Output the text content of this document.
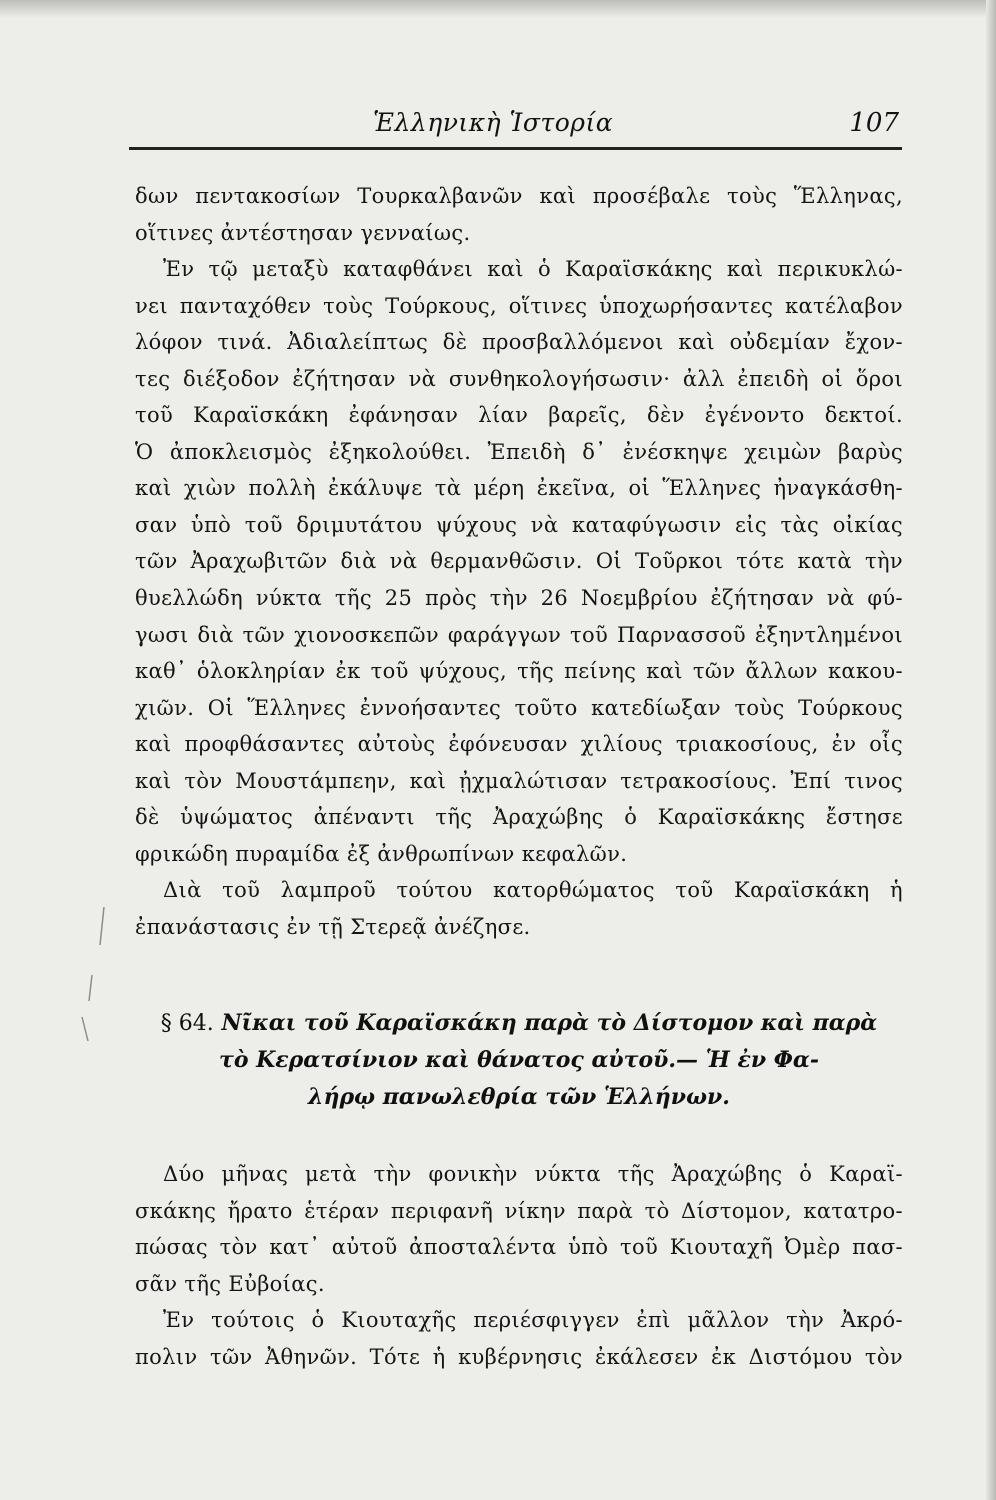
Ἑλληνικὴ Ἱστορία	107
δων πεντακοσίων Τουρκαλβανῶν καὶ προσέβαλε τοὺς Ἕλληνας,
οἵτινες ἀντέστησαν γενναίως.
Ἐν τῷ μεταξὺ καταφθάνει καὶ ὁ Καραϊσκάκης καὶ περικυκλώ-
νει πανταχόθεν τοὺς Τούρκους, οἵτινες ὑποχωρήσαντες κατέλαβον
λόφον τινά. Ἀδιαλείπτως δὲ προσβαλλόμενοι καὶ οὐδεμίαν ἔχον-
τες διέξοδον ἐζήτησαν νὰ συνθηκολογήσωσιν· ἀλλ ἐπειδὴ οἱ ὅροι
τοῦ Καραϊσκάκη ἐφάνησαν λίαν βαρεῖς, δὲν ἐγένοντο δεκτοί.
Ὁ ἀποκλεισμὸς ἐξηκολούθει. Ἐπειδὴ δ᾽ ἐνέσκηψε χειμὼν βαρὺς
καὶ χιὼν πολλὴ ἐκάλυψε τὰ μέρη ἐκεῖνα, οἱ Ἕλληνες ἠναγκάσθη-
σαν ὑπὸ τοῦ δριμυτάτου ψύχους νὰ καταφύγωσιν εἰς τὰς οἰκίας
τῶν Ἀραχωβιτῶν διὰ νὰ θερμανθῶσιν. Οἱ Τοῦρκοι τότε κατὰ τὴν
θυελλώδη νύκτα τῆς 25 πρὸς τὴν 26 Νοεμβρίου ἐζήτησαν νὰ φύ-
γωσι διὰ τῶν χιονοσκεπῶν φαράγγων τοῦ Παρνασσοῦ ἐξηντλημένοι
καθ᾽ ὁλοκληρίαν ἐκ τοῦ ψύχους, τῆς πείνης καὶ τῶν ἄλλων κακου-
χιῶν. Οἱ Ἕλληνες ἐννοήσαντες τοῦτο κατεδίωξαν τοὺς Τούρκους
καὶ προφθάσαντες αὐτοὺς ἐφόνευσαν χιλίους τριακοσίους, ἐν οἷς
καὶ τὸν Μουστάμπεην, καὶ ᾐχμαλώτισαν τετρακοσίους. Ἐπί τινος
δὲ ὑψώματος ἀπέναντι τῆς Ἀραχώβης ὁ Καραϊσκάκης ἔστησε
φρικώδη πυραμίδα ἐξ ἀνθρωπίνων κεφαλῶν.
Διὰ τοῦ λαμπροῦ τούτου κατορθώματος τοῦ Καραϊσκάκη ἡ
ἐπανάστασις ἐν τῇ Στερεᾷ ἀνέζησε.
§ 64. Νῖκαι τοῦ Καραϊσκάκη παρὰ τὸ Δίστομον καὶ παρὰ
τὸ Κερατσίνιον καὶ θάνατος αὐτοῦ.— Ἡ ἐν Φα-
λήρῳ πανωλεθρία τῶν Ἑλλήνων.
Δύο μῆνας μετὰ τὴν φονικὴν νύκτα τῆς Ἀραχώβης ὁ Καραϊ-
σκάκης ἤρατο ἑτέραν περιφανῆ νίκην παρὰ τὸ Δίστομον, κατατρο-
πώσας τὸν κατ᾽ αὐτοῦ ἀποσταλέντα ὑπὸ τοῦ Κιουταχῆ Ὀμὲρ πασ-
σᾶν τῆς Εὐβοίας.
Ἐν τούτοις ὁ Κιουταχῆς περιέσφιγγεν ἐπὶ μᾶλλον τὴν Ἀκρό-
πολιν τῶν Ἀθηνῶν. Τότε ἡ κυβέρνησις ἐκάλεσεν ἐκ Διστόμου τὸν
